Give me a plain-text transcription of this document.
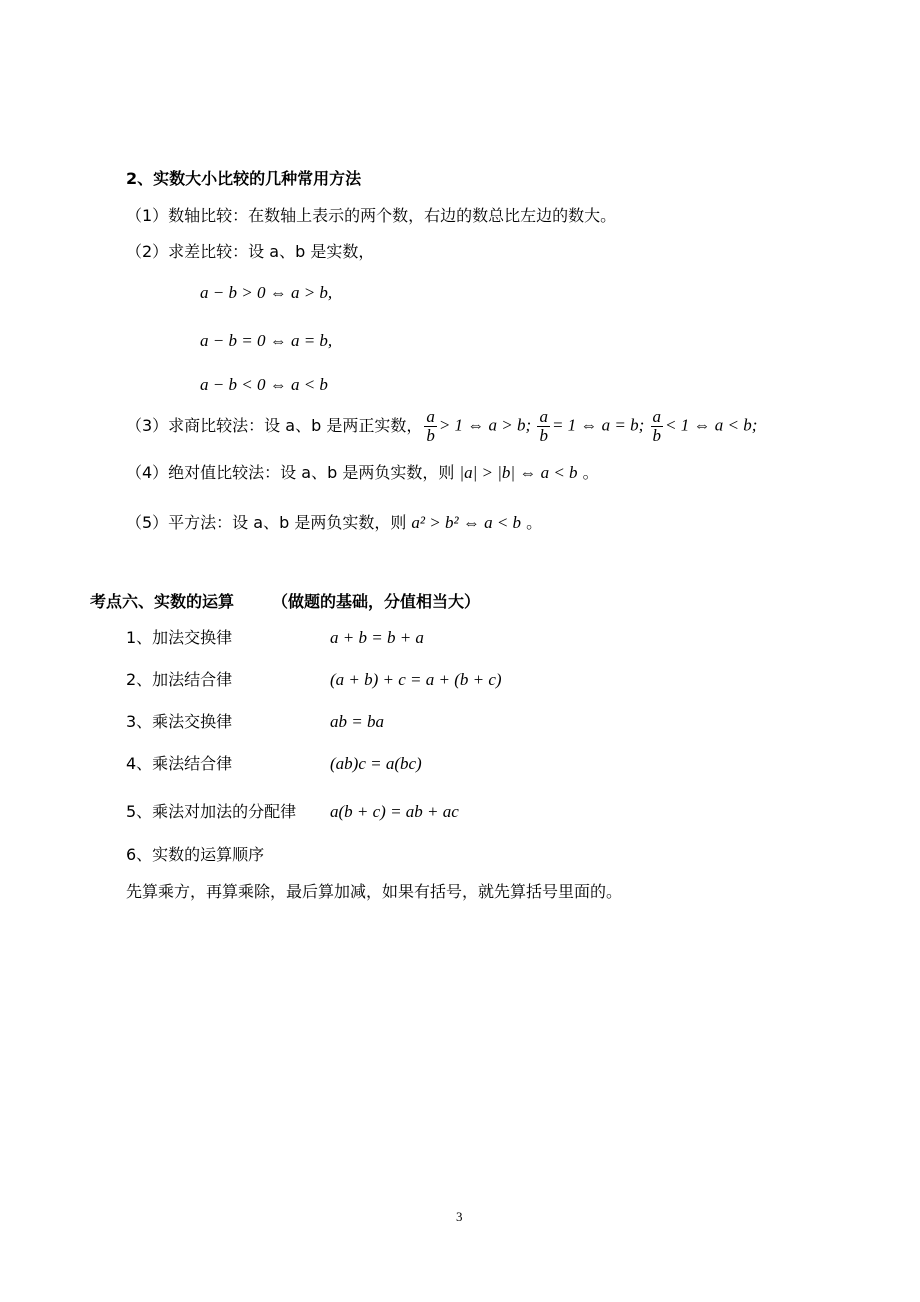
2、实数大小比较的几种常用方法
（1）数轴比较：在数轴上表示的两个数，右边的数总比左边的数大。
（2）求差比较：设 a、b 是实数，
a − b > 0 ⇔ a > b,
a − b = 0 ⇔ a = b,
a − b < 0 ⇔ a < b
（3）求商比较法：设 a、b 是两正实数， $\frac{a}{b} > 1$ ⇔ a > b; $\frac{a}{b} = 1$ ⇔ a = b; $\frac{a}{b} < 1$ ⇔ a < b;
（4）绝对值比较法：设 a、b 是两负实数，则 |a| > |b| ⇔ a < b 。
（5）平方法：设 a、b 是两负实数，则 a² > b² ⇔ a < b 。
考点六、实数的运算 （做题的基础，分值相当大）
1、加法交换律	a + b = b + a
2、加法结合律	(a + b) + c = a + (b + c)
3、乘法交换律	ab = ba
4、乘法结合律	(ab)c = a(bc)
5、乘法对加法的分配律 a(b + c) = ab + ac
6、实数的运算顺序
先算乘方，再算乘除，最后算加减，如果有括号，就先算括号里面的。
3
